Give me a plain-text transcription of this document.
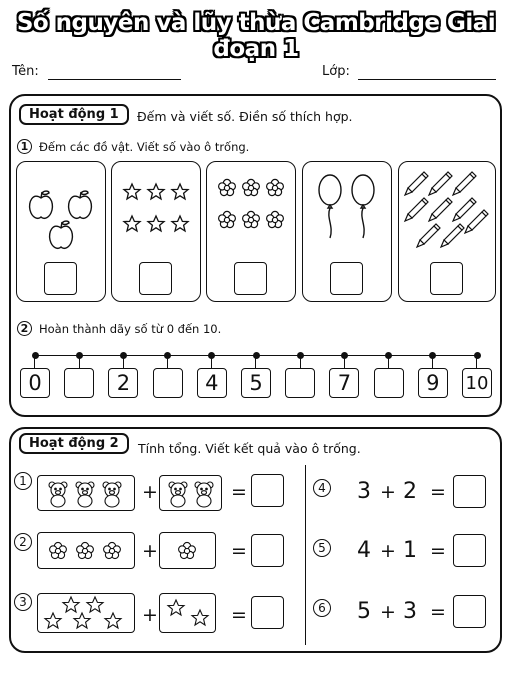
Số nguyên và lũy thừa Cambridge Giai đoạn 1
Tên:	Lớp:
Hoạt động 1	Đếm và viết số. Điền số thích hợp.
1 Đếm các đồ vật. Viết số vào ô trống.
2 Hoàn thành dãy số từ 0 đến 10.
0	2	4	5	7	9	10
Hoạt động 2	Tính tổng. Viết kết quả vào ô trống.
1	+	=
2	+	=
3
+	=
4 3 + 2 =
5 4 + 1 =
6 5 + 3 =
